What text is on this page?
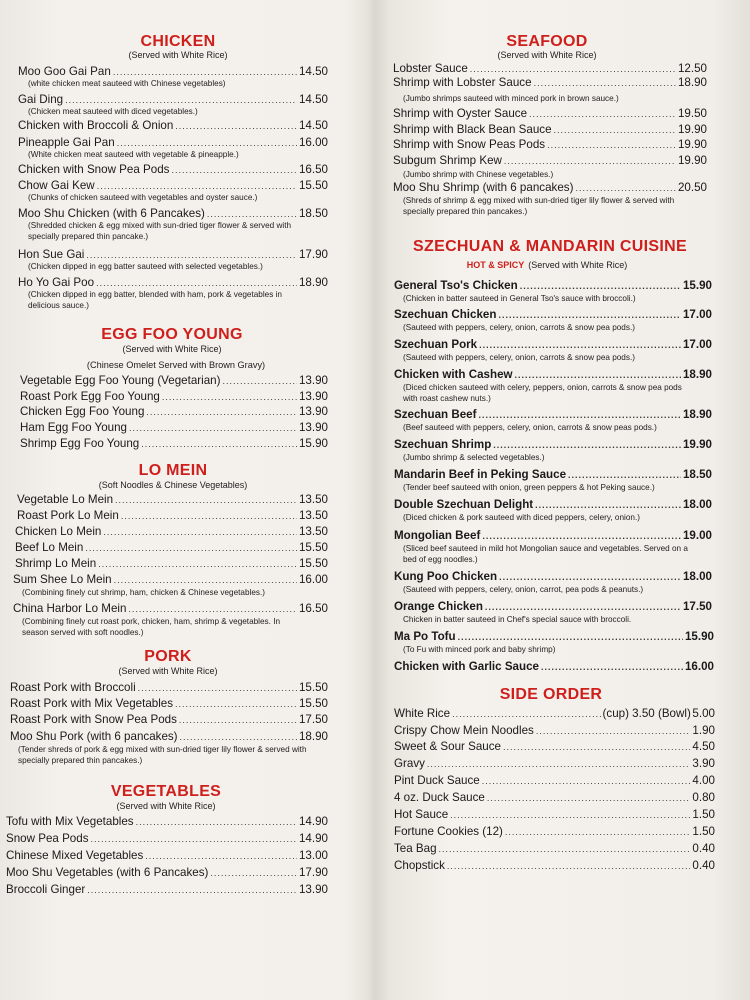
CHICKEN
(Served with White Rice)
Moo Goo Gai Pan .....	14.50
(white chicken meat sauteed with Chinese vegetables)
Gai Ding .....	14.50
(Chicken meat sauteed with diced vegetables.)
Chicken with Broccoli & Onion .....	14.50
Pineapple Gai Pan .....	16.00
(White chicken meat sauteed with vegetable & pineapple.)
Chicken with Snow Pea Pods .....	16.50
Chow Gai Kew .....	15.50
(Chunks of chicken sauteed with vegetables and oyster sauce.)
Moo Shu Chicken (with 6 Pancakes) .....	18.50
(Shredded chicken & egg mixed with sun-dried tiger flower & served with specially prepared thin pancake.)
Hon Sue Gai .....	17.90
(Chicken dipped in egg batter sauteed with selected vegetables.)
Ho Yo Gai Poo .....	18.90
(Chicken dipped in egg batter, blended with ham, pork & vegetables in delicious sauce.)
EGG FOO YOUNG
(Served with White Rice)
(Chinese Omelet Served with Brown Gravy)
Vegetable Egg Foo Young (Vegetarian) .....	13.90
Roast Pork Egg Foo Young .....	13.90
Chicken Egg Foo Young .....	13.90
Ham Egg Foo Young .....	13.90
Shrimp Egg Foo Young .....	15.90
LO MEIN
(Soft Noodles & Chinese Vegetables)
Vegetable Lo Mein .....	13.50
Roast Pork Lo Mein .....	13.50
Chicken Lo Mein .....	13.50
Beef Lo Mein .....	15.50
Shrimp Lo Mein .....	15.50
Sum Shee Lo Mein .....	16.00
(Combining finely cut shrimp, ham, chicken & Chinese vegetables.)
China Harbor Lo Mein .....	16.50
(Combining finely cut roast pork, chicken, ham, shrimp & vegetables. In season served with soft noodles.)
PORK
(Served with White Rice)
Roast Pork with Broccoli .....	15.50
Roast Pork with Mix Vegetables .....	15.50
Roast Pork with Snow Pea Pods .....	17.50
Moo Shu Pork (with 6 pancakes) .....	18.90
(Tender shreds of pork & egg mixed with sun-dried tiger lily flower & served with specially prepared thin pancakes.)
VEGETABLES
(Served with White Rice)
Tofu with Mix Vegetables .....	14.90
Snow Pea Pods .....	14.90
Chinese Mixed Vegetables .....	13.00
Moo Shu Vegetables (with 6 Pancakes) .....	17.90
Broccoli Ginger .....	13.90
SEAFOOD
(Served with White Rice)
Lobster Sauce .....	12.50
Shrimp with Lobster Sauce .....	18.90
(Jumbo shrimps sauteed with minced pork in brown sauce.)
Shrimp with Oyster Sauce .....	19.50
Shrimp with Black Bean Sauce .....	19.90
Shrimp with Snow Peas Pods .....	19.90
Subgum Shrimp Kew .....	19.90
(Jumbo shrimp with Chinese vegetables.)
Moo Shu Shrimp (with 6 pancakes) .....	20.50
(Shreds of shrimp & egg mixed with sun-dried tiger lily flower & served with specially prepared thin pancakes.)
SZECHUAN & MANDARIN CUISINE
HOT & SPICY (Served with White Rice)
General Tso's Chicken .....	15.90
(Chicken in batter sauteed in General Tso's sauce with broccoli.)
Szechuan Chicken .....	17.00
(Sauteed with peppers, celery, onion, carrots & snow pea pods.)
Szechuan Pork .....	17.00
(Sauteed with peppers, celery, onion, carrots & snow pea pods.)
Chicken with Cashew .....	18.90
(Diced chicken sauteed with celery, peppers, onion, carrots & snow pea pods with roast cashew nuts.)
Szechuan Beef .....	18.90
(Beef sauteed with peppers, celery, onion, carrots & snow peas pods.)
Szechuan Shrimp .....	19.90
(Jumbo shrimp & selected vegetables.)
Mandarin Beef in Peking Sauce .....	18.50
(Tender beef sauteed with onion, green peppers & hot Peking sauce.)
Double Szechuan Delight .....	18.00
(Diced chicken & pork sauteed with diced peppers, celery, onion.)
Mongolian Beef .....	19.00
(Sliced beef sauteed in mild hot Mongolian sauce and vegetables. Served on a bed of egg noodles.)
Kung Poo Chicken .....	18.00
(Sauteed with peppers, celery, onion, carrot, pea pods & peanuts.)
Orange Chicken .....	17.50
Chicken in batter sauteed in Chef's special sauce with broccoli.
Ma Po Tofu .....	15.90
(To Fu with minced pork and baby shrimp)
Chicken with Garlic Sauce .....	16.00
SIDE ORDER
White Rice .....	(cup) 3.50 (Bowl) 5.00
Crispy Chow Mein Noodles .....	1.90
Sweet & Sour Sauce .....	4.50
Gravy .....	3.90
Pint Duck Sauce .....	4.00
4 oz. Duck Sauce .....	0.80
Hot Sauce .....	1.50
Fortune Cookies (12) .....	1.50
Tea Bag .....	0.40
Chopstick .....	0.40
